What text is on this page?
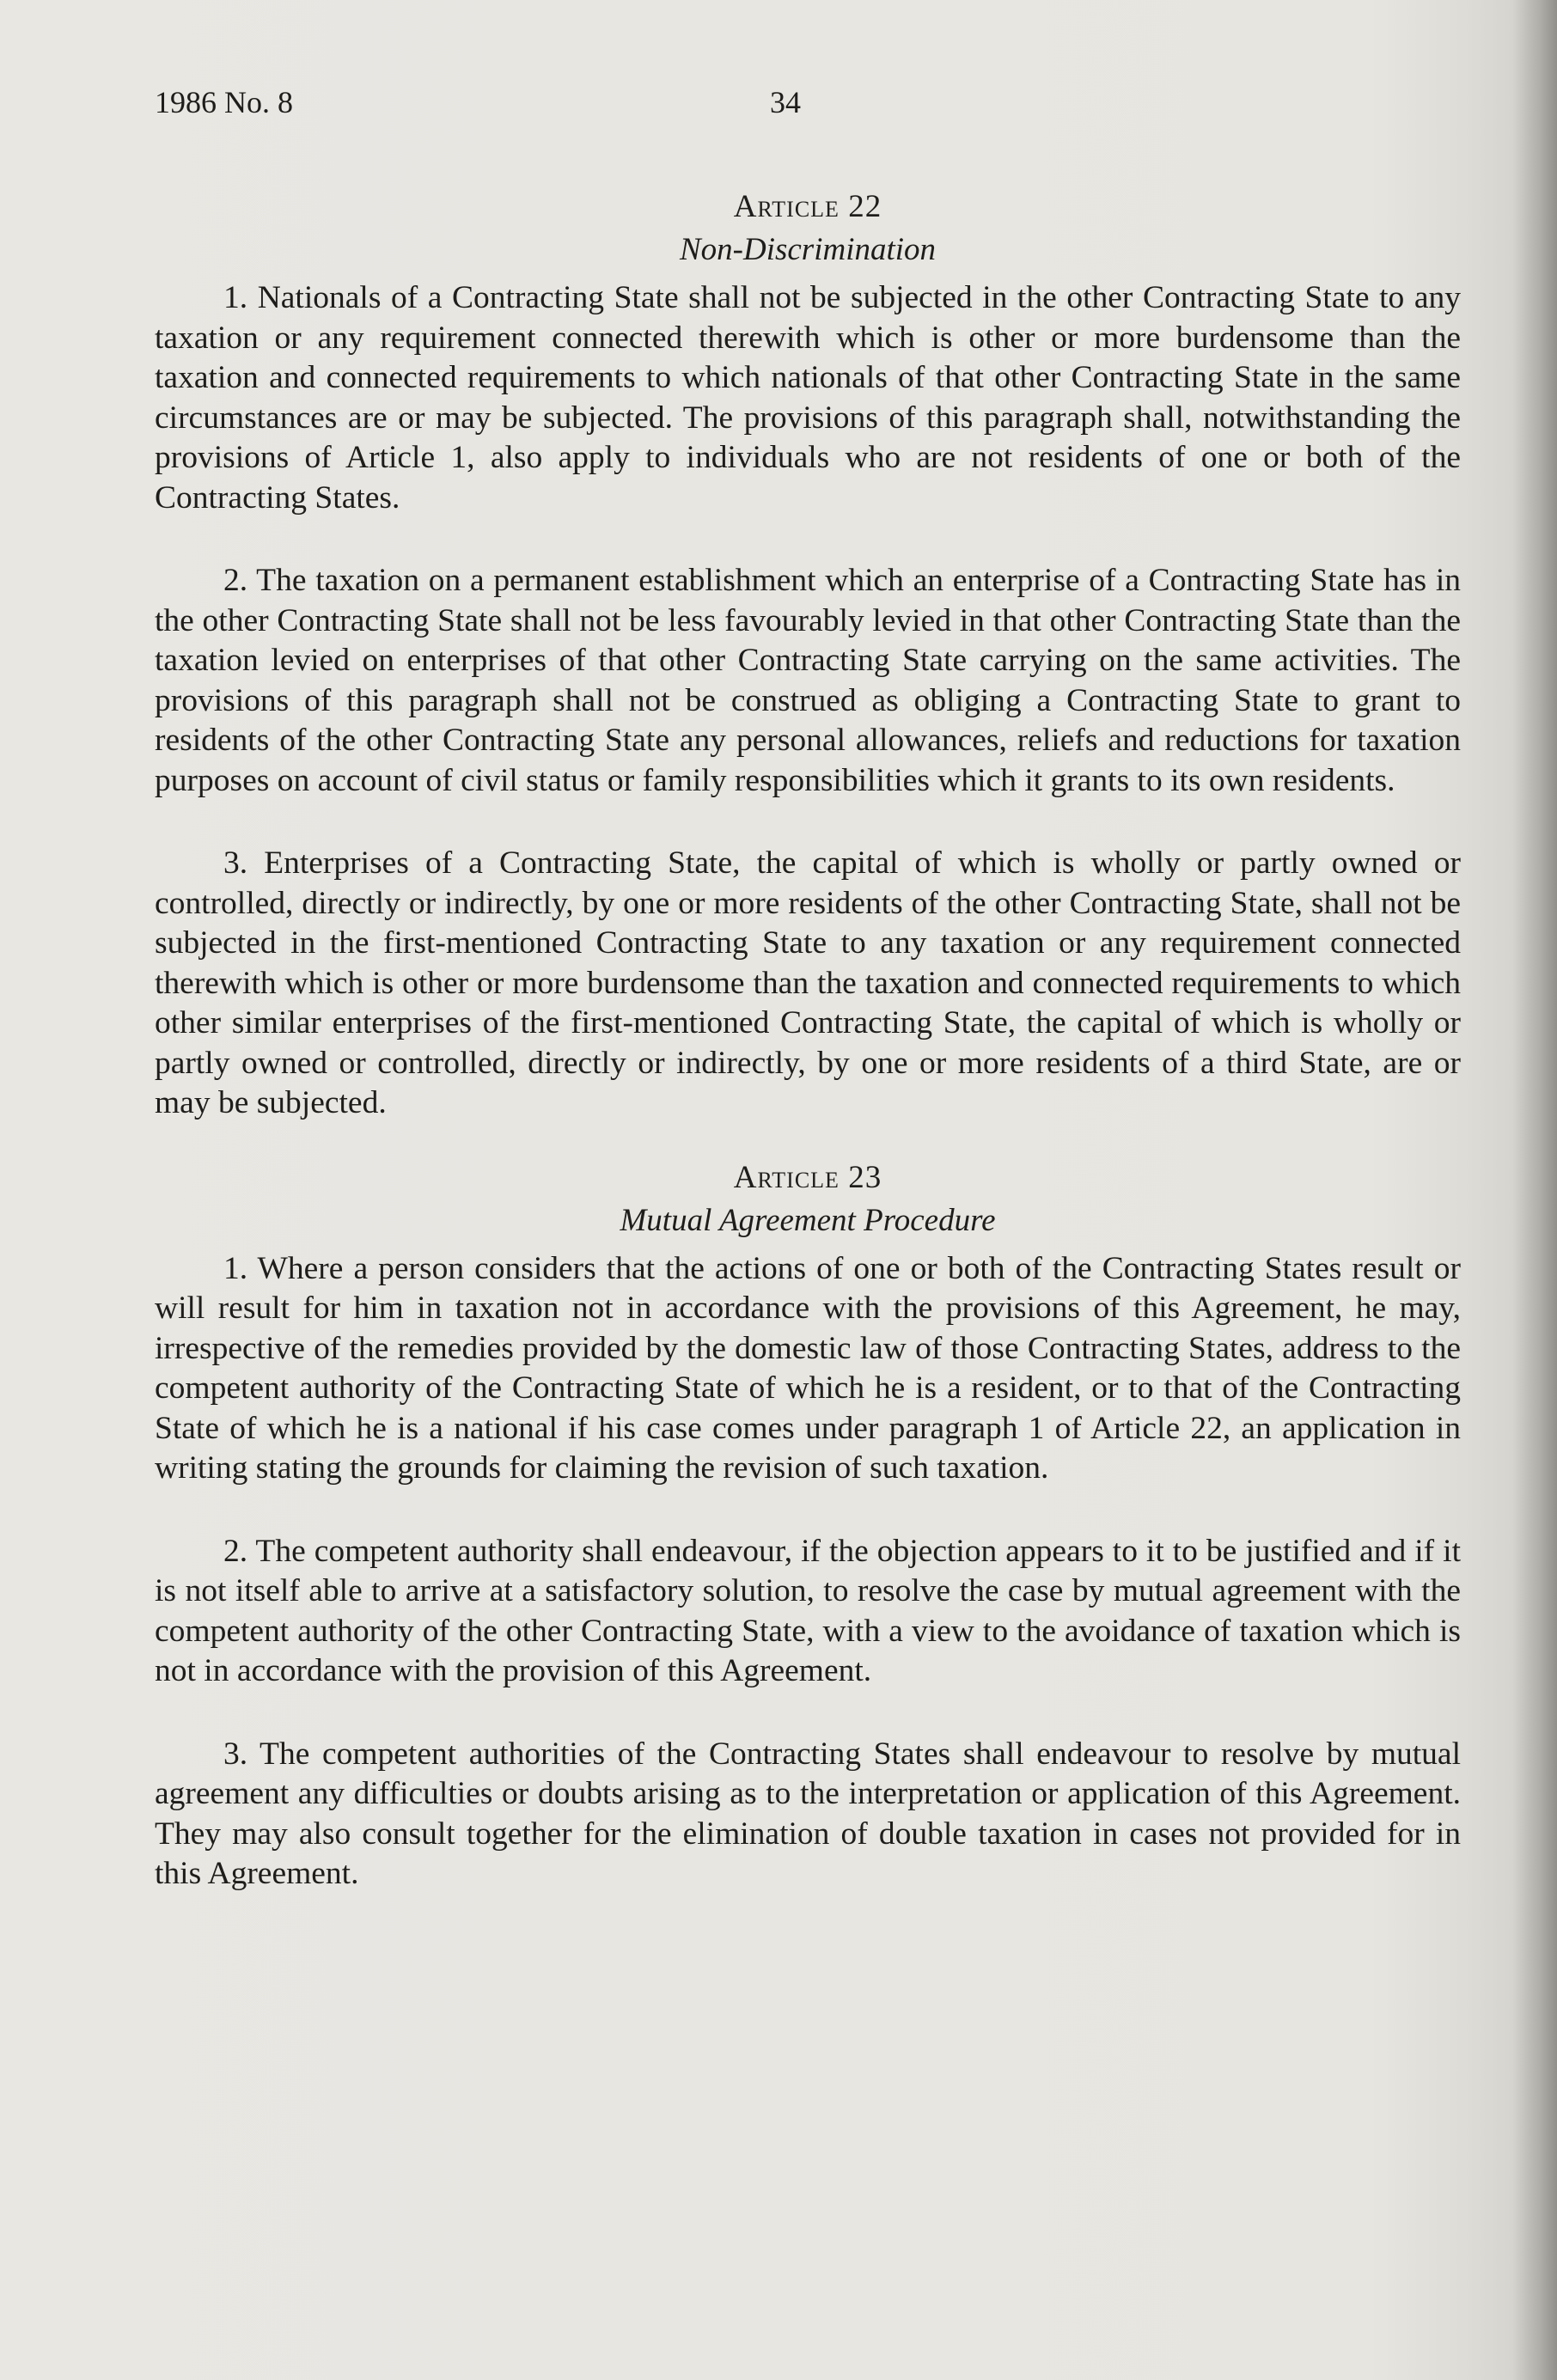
1986 No. 8	34
Article 22
Non-Discrimination

1. Nationals of a Contracting State shall not be subjected in the other Contracting State to any taxation or any requirement connected therewith which is other or more burdensome than the taxation and connected requirements to which nationals of that other Contracting State in the same circumstances are or may be subjected. The provisions of this paragraph shall, notwithstanding the provisions of Article 1, also apply to individuals who are not residents of one or both of the Contracting States.

2. The taxation on a permanent establishment which an enterprise of a Contracting State has in the other Contracting State shall not be less favourably levied in that other Contracting State than the taxation levied on enterprises of that other Contracting State carrying on the same activities. The provisions of this paragraph shall not be construed as obliging a Contracting State to grant to residents of the other Contracting State any personal allowances, reliefs and reductions for taxation purposes on account of civil status or family responsibilities which it grants to its own residents.

3. Enterprises of a Contracting State, the capital of which is wholly or partly owned or controlled, directly or indirectly, by one or more residents of the other Contracting State, shall not be subjected in the first-mentioned Contracting State to any taxation or any requirement connected therewith which is other or more burdensome than the taxation and connected requirements to which other similar enterprises of the first-mentioned Contracting State, the capital of which is wholly or partly owned or controlled, directly or indirectly, by one or more residents of a third State, are or may be subjected.

Article 23
Mutual Agreement Procedure

1. Where a person considers that the actions of one or both of the Contracting States result or will result for him in taxation not in accordance with the provisions of this Agreement, he may, irrespective of the remedies provided by the domestic law of those Contracting States, address to the competent authority of the Contracting State of which he is a resident, or to that of the Contracting State of which he is a national if his case comes under paragraph 1 of Article 22, an application in writing stating the grounds for claiming the revision of such taxation.

2. The competent authority shall endeavour, if the objection appears to it to be justified and if it is not itself able to arrive at a satisfactory solution, to resolve the case by mutual agreement with the competent authority of the other Contracting State, with a view to the avoidance of taxation which is not in accordance with the provision of this Agreement.

3. The competent authorities of the Contracting States shall endeavour to resolve by mutual agreement any difficulties or doubts arising as to the interpretation or application of this Agreement. They may also consult together for the elimination of double taxation in cases not provided for in this Agreement.
